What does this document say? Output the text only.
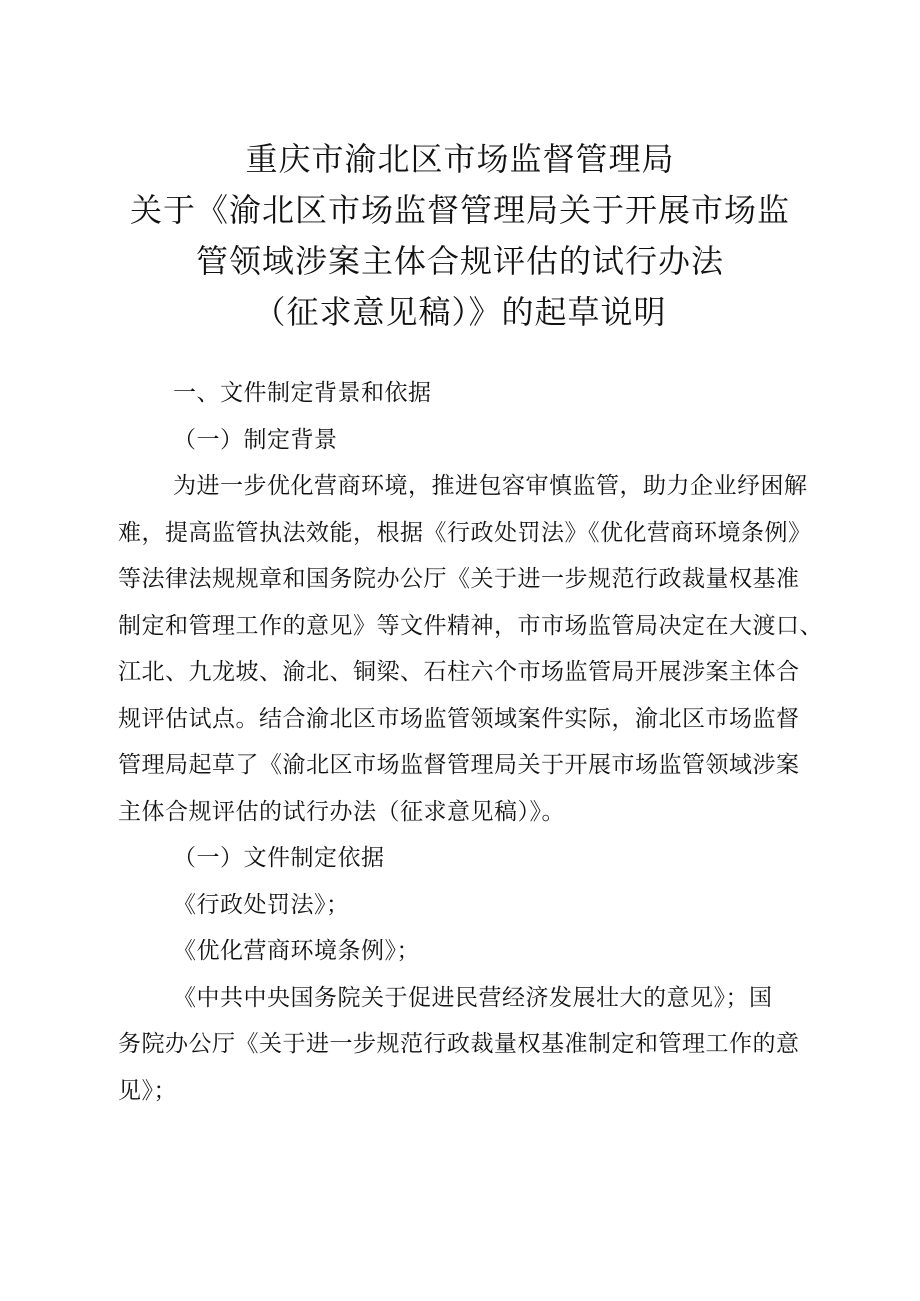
重庆市渝北区市场监督管理局
关于《渝北区市场监督管理局关于开展市场监
管领域涉案主体合规评估的试行办法
（征求意见稿）》的起草说明
一、文件制定背景和依据
（一）制定背景
为进一步优化营商环境，推进包容审慎监管，助力企业纾困解
难，提高监管执法效能，根据《行政处罚法》《优化营商环境条例》
等法律法规规章和国务院办公厅《关于进一步规范行政裁量权基准
制定和管理工作的意见》等文件精神，市市场监管局决定在大渡口、
江北、九龙坡、渝北、铜梁、石柱六个市场监管局开展涉案主体合
规评估试点。结合渝北区市场监管领域案件实际，渝北区市场监督
管理局起草了《渝北区市场监督管理局关于开展市场监管领域涉案
主体合规评估的试行办法（征求意见稿）》。
（一）文件制定依据
《行政处罚法》；
《优化营商环境条例》；
《中共中央国务院关于促进民营经济发展壮大的意见》；国
务院办公厅《关于进一步规范行政裁量权基准制定和管理工作的意
见》；
